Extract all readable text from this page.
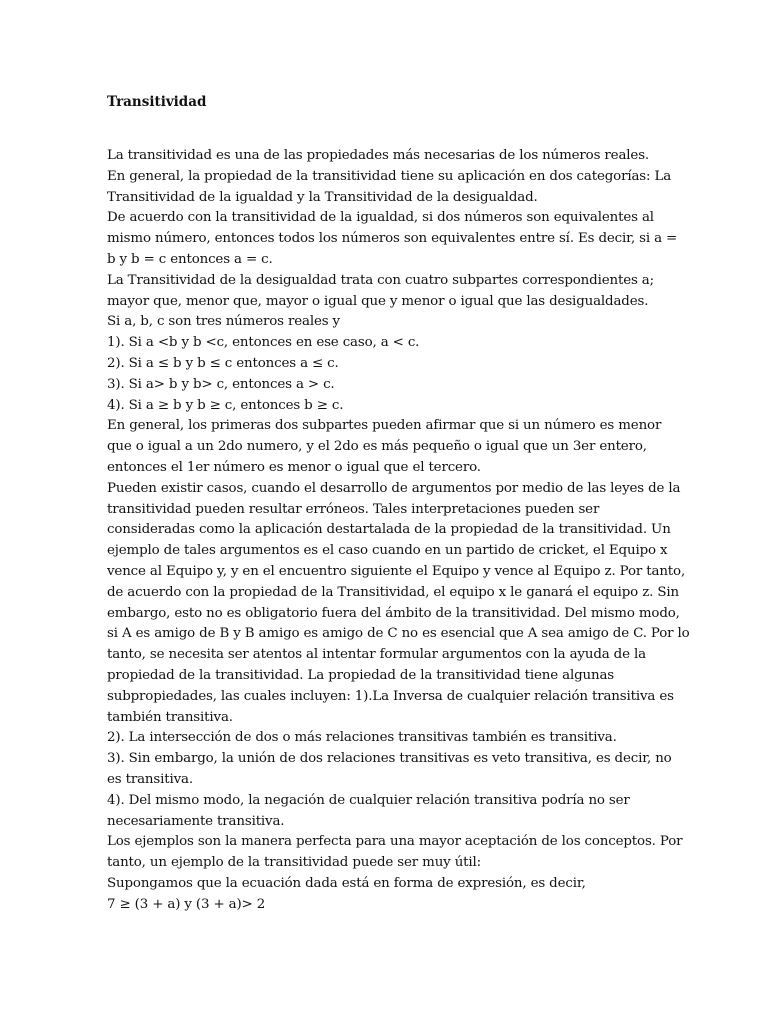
Transitividad
La transitividad es una de las propiedades más necesarias de los números reales.
En general, la propiedad de la transitividad tiene su aplicación en dos categorías: La
Transitividad de la igualdad y la Transitividad de la desigualdad.
De acuerdo con la transitividad de la igualdad, si dos números son equivalentes al
mismo número, entonces todos los números son equivalentes entre sí. Es decir, si a =
b y b = c entonces a = c.
La Transitividad de la desigualdad trata con cuatro subpartes correspondientes a;
mayor que, menor que, mayor o igual que y menor o igual que las desigualdades.
Si a, b, c son tres números reales y
1). Si a <b y b <c, entonces en ese caso, a < c.
2). Si a ≤ b y b ≤ c entonces a ≤ c.
3). Si a> b y b> c, entonces a > c.
4). Si a ≥ b y b ≥ c, entonces b ≥ c.
En general, los primeras dos subpartes pueden afirmar que si un número es menor
que o igual a un 2do numero, y el 2do es más pequeño o igual que un 3er entero,
entonces el 1er número es menor o igual que el tercero.
Pueden existir casos, cuando el desarrollo de argumentos por medio de las leyes de la
transitividad pueden resultar erróneos. Tales interpretaciones pueden ser
consideradas como la aplicación destartalada de la propiedad de la transitividad. Un
ejemplo de tales argumentos es el caso cuando en un partido de cricket, el Equipo x
vence al Equipo y, y en el encuentro siguiente el Equipo y vence al Equipo z. Por tanto,
de acuerdo con la propiedad de la Transitividad, el equipo x le ganará el equipo z. Sin
embargo, esto no es obligatorio fuera del ámbito de la transitividad. Del mismo modo,
si A es amigo de B y B amigo es amigo de C no es esencial que A sea amigo de C. Por lo
tanto, se necesita ser atentos al intentar formular argumentos con la ayuda de la
propiedad de la transitividad. La propiedad de la transitividad tiene algunas
subpropiedades, las cuales incluyen: 1).La Inversa de cualquier relación transitiva es
también transitiva.
2). La intersección de dos o más relaciones transitivas también es transitiva.
3). Sin embargo, la unión de dos relaciones transitivas es veto transitiva, es decir, no
es transitiva.
4). Del mismo modo, la negación de cualquier relación transitiva podría no ser
necesariamente transitiva.
Los ejemplos son la manera perfecta para una mayor aceptación de los conceptos. Por
tanto, un ejemplo de la transitividad puede ser muy útil:
Supongamos que la ecuación dada está en forma de expresión, es decir,
7 ≥ (3 + a) y (3 + a)> 2
